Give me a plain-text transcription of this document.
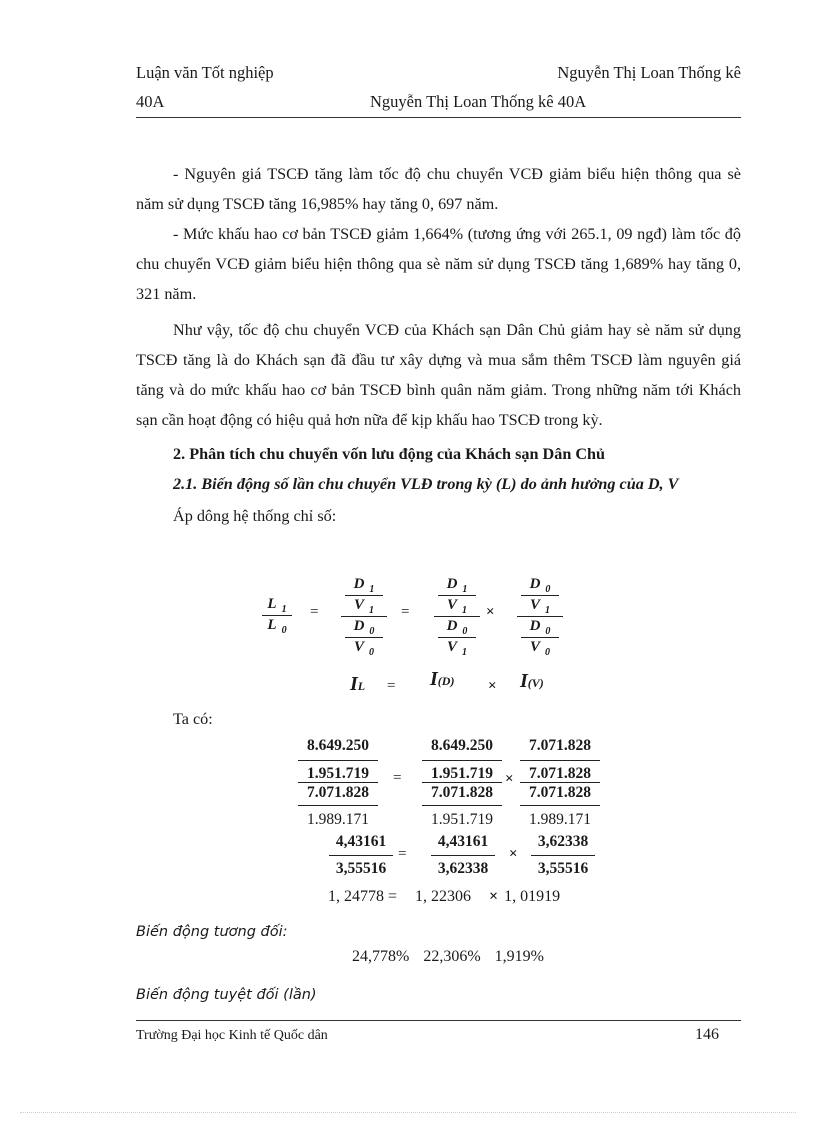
Luận văn Tốt nghiệp	Nguyễn Thị Loan Thống kê
40A	Nguyễn Thị Loan Thống kê 40A

- Nguyên giá TSCĐ tăng làm tốc độ chu chuyển VCĐ giảm biểu hiện thông qua sè năm sử dụng TSCĐ tăng 16,985% hay tăng 0, 697 năm.

- Mức khấu hao cơ bản TSCĐ giảm 1,664% (tương ứng với 265.1, 09 ngđ) làm tốc độ chu chuyển VCĐ giảm biểu hiện thông qua sè năm sử dụng TSCĐ tăng 1,689% hay tăng 0, 321 năm.

Như vậy, tốc độ chu chuyển VCĐ của Khách sạn Dân Chủ giảm hay sè năm sử dụng TSCĐ tăng là do Khách sạn đã đầu tư xây dựng và mua sắm thêm TSCĐ làm nguyên giá tăng và do mức khấu hao cơ bản TSCĐ bình quân năm giảm. Trong những năm tới Khách sạn cần hoạt động có hiệu quả hơn nữa để kịp khấu hao TSCĐ trong kỳ.

2. Phân tích chu chuyển vốn lưu động của Khách sạn Dân Chủ

2.1. Biến động số lần chu chuyển VLĐ trong kỳ (L) do ảnh hưởng của D, V

Áp dông hệ thống chỉ số:

L $_1$
L $_0$
=
D $_1$
V $_1$
D $_0$
V $_0$
=
D $_1$
V $_1$
D $_0$
V $_1$
×
D $_0$
V $_1$
D $_0$
V $_0$
IL = I(D) × I(V)
Ta có:
8.649.250
1.951.719
7.071.828
1.989.171
=
8.649.250
1.951.719
7.071.828
1.951.719
×
7.071.828
7.071.828
7.071.828
1.989.171
4,43161
3,55516
=
4,43161
3,62338
×
3,62338
3,55516
1, 24778 = 1, 22306 × 1, 01919
Biến động tương đối:
24,778% 22,306% 1,919%
Biến động tuyệt đối (lần)
Trường Đại học Kinh tế Quốc dân	146
